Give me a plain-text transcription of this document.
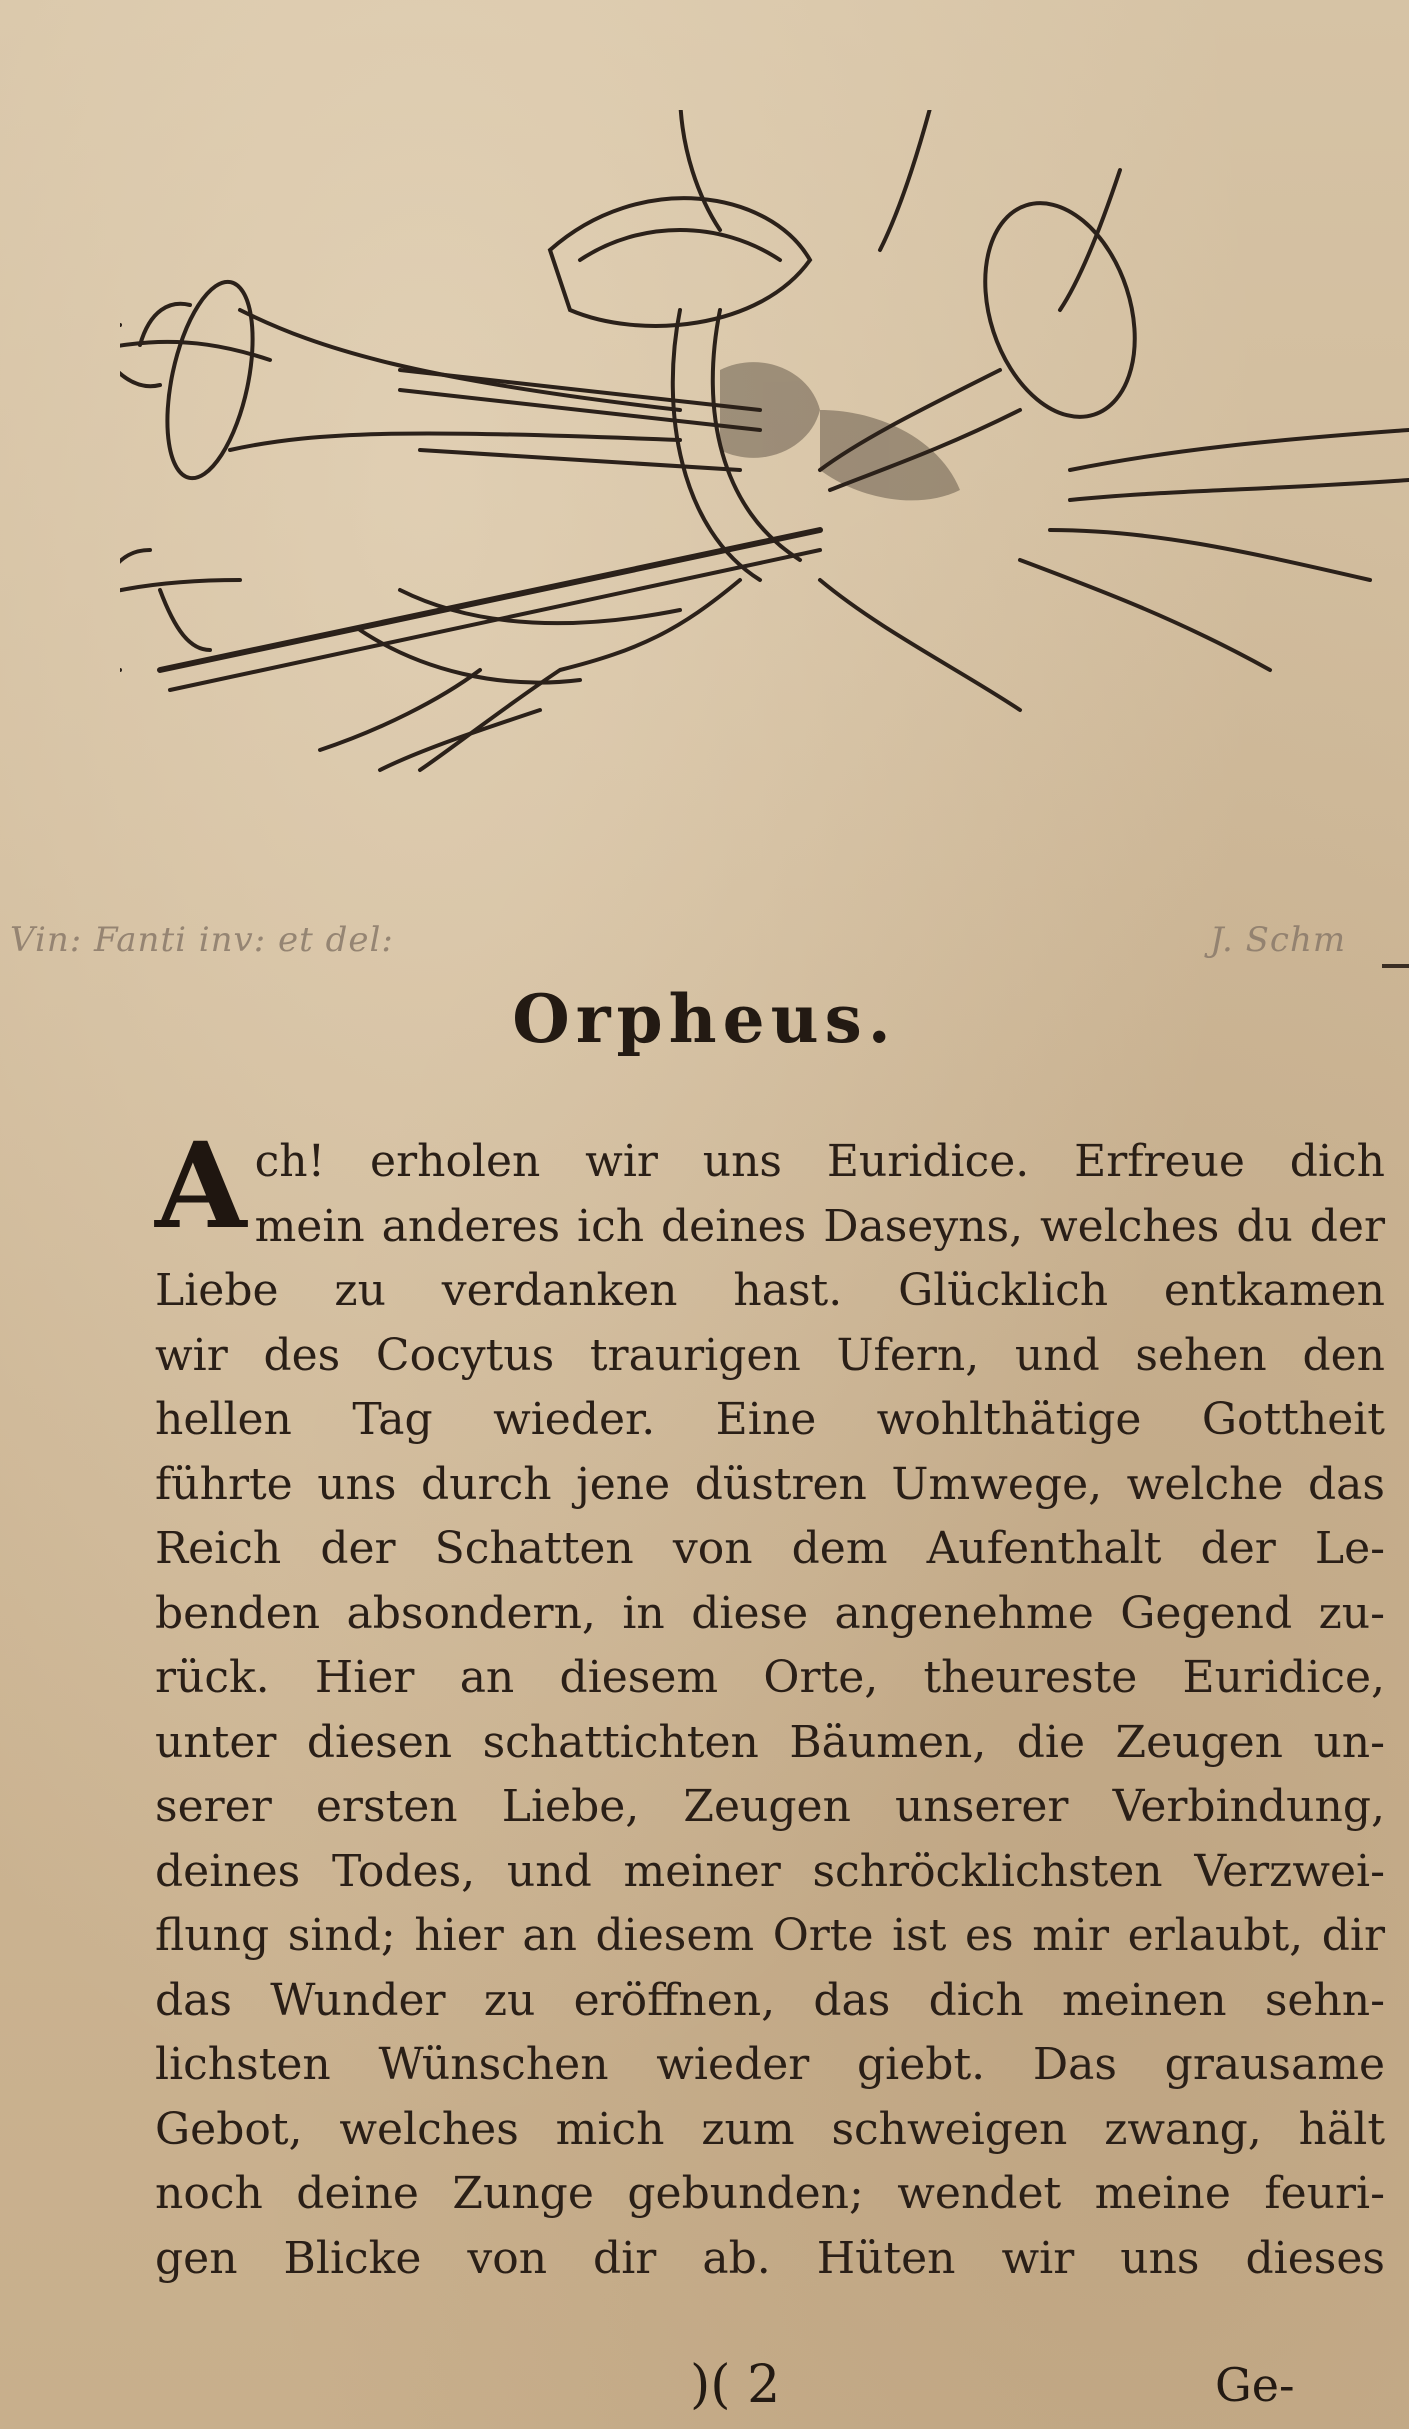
Vin: Fanti inv: et del:	J. Schm
Orpheus.
A ch! erholen wir uns Euridice. Erfreue dich
mein anderes ich deines Daseyns, welches du der
Liebe zu verdanken hast. Glücklich entkamen
wir des Cocytus traurigen Ufern, und sehen den
hellen Tag wieder. Eine wohlthätige Gottheit
führte uns durch jene düstren Umwege, welche das
Reich der Schatten von dem Aufenthalt der Le-
benden absondern, in diese angenehme Gegend zu-
rück. Hier an diesem Orte, theureste Euridice,
unter diesen schattichten Bäumen, die Zeugen un-
serer ersten Liebe, Zeugen unserer Verbindung,
deines Todes, und meiner schröcklichsten Verzwei-
flung sind; hier an diesem Orte ist es mir erlaubt, dir
das Wunder zu eröffnen, das dich meinen sehn-
lichsten Wünschen wieder giebt. Das grausame
Gebot, welches mich zum schweigen zwang, hält
noch deine Zunge gebunden; wendet meine feuri-
gen Blicke von dir ab. Hüten wir uns dieses
)( 2	Ge-
